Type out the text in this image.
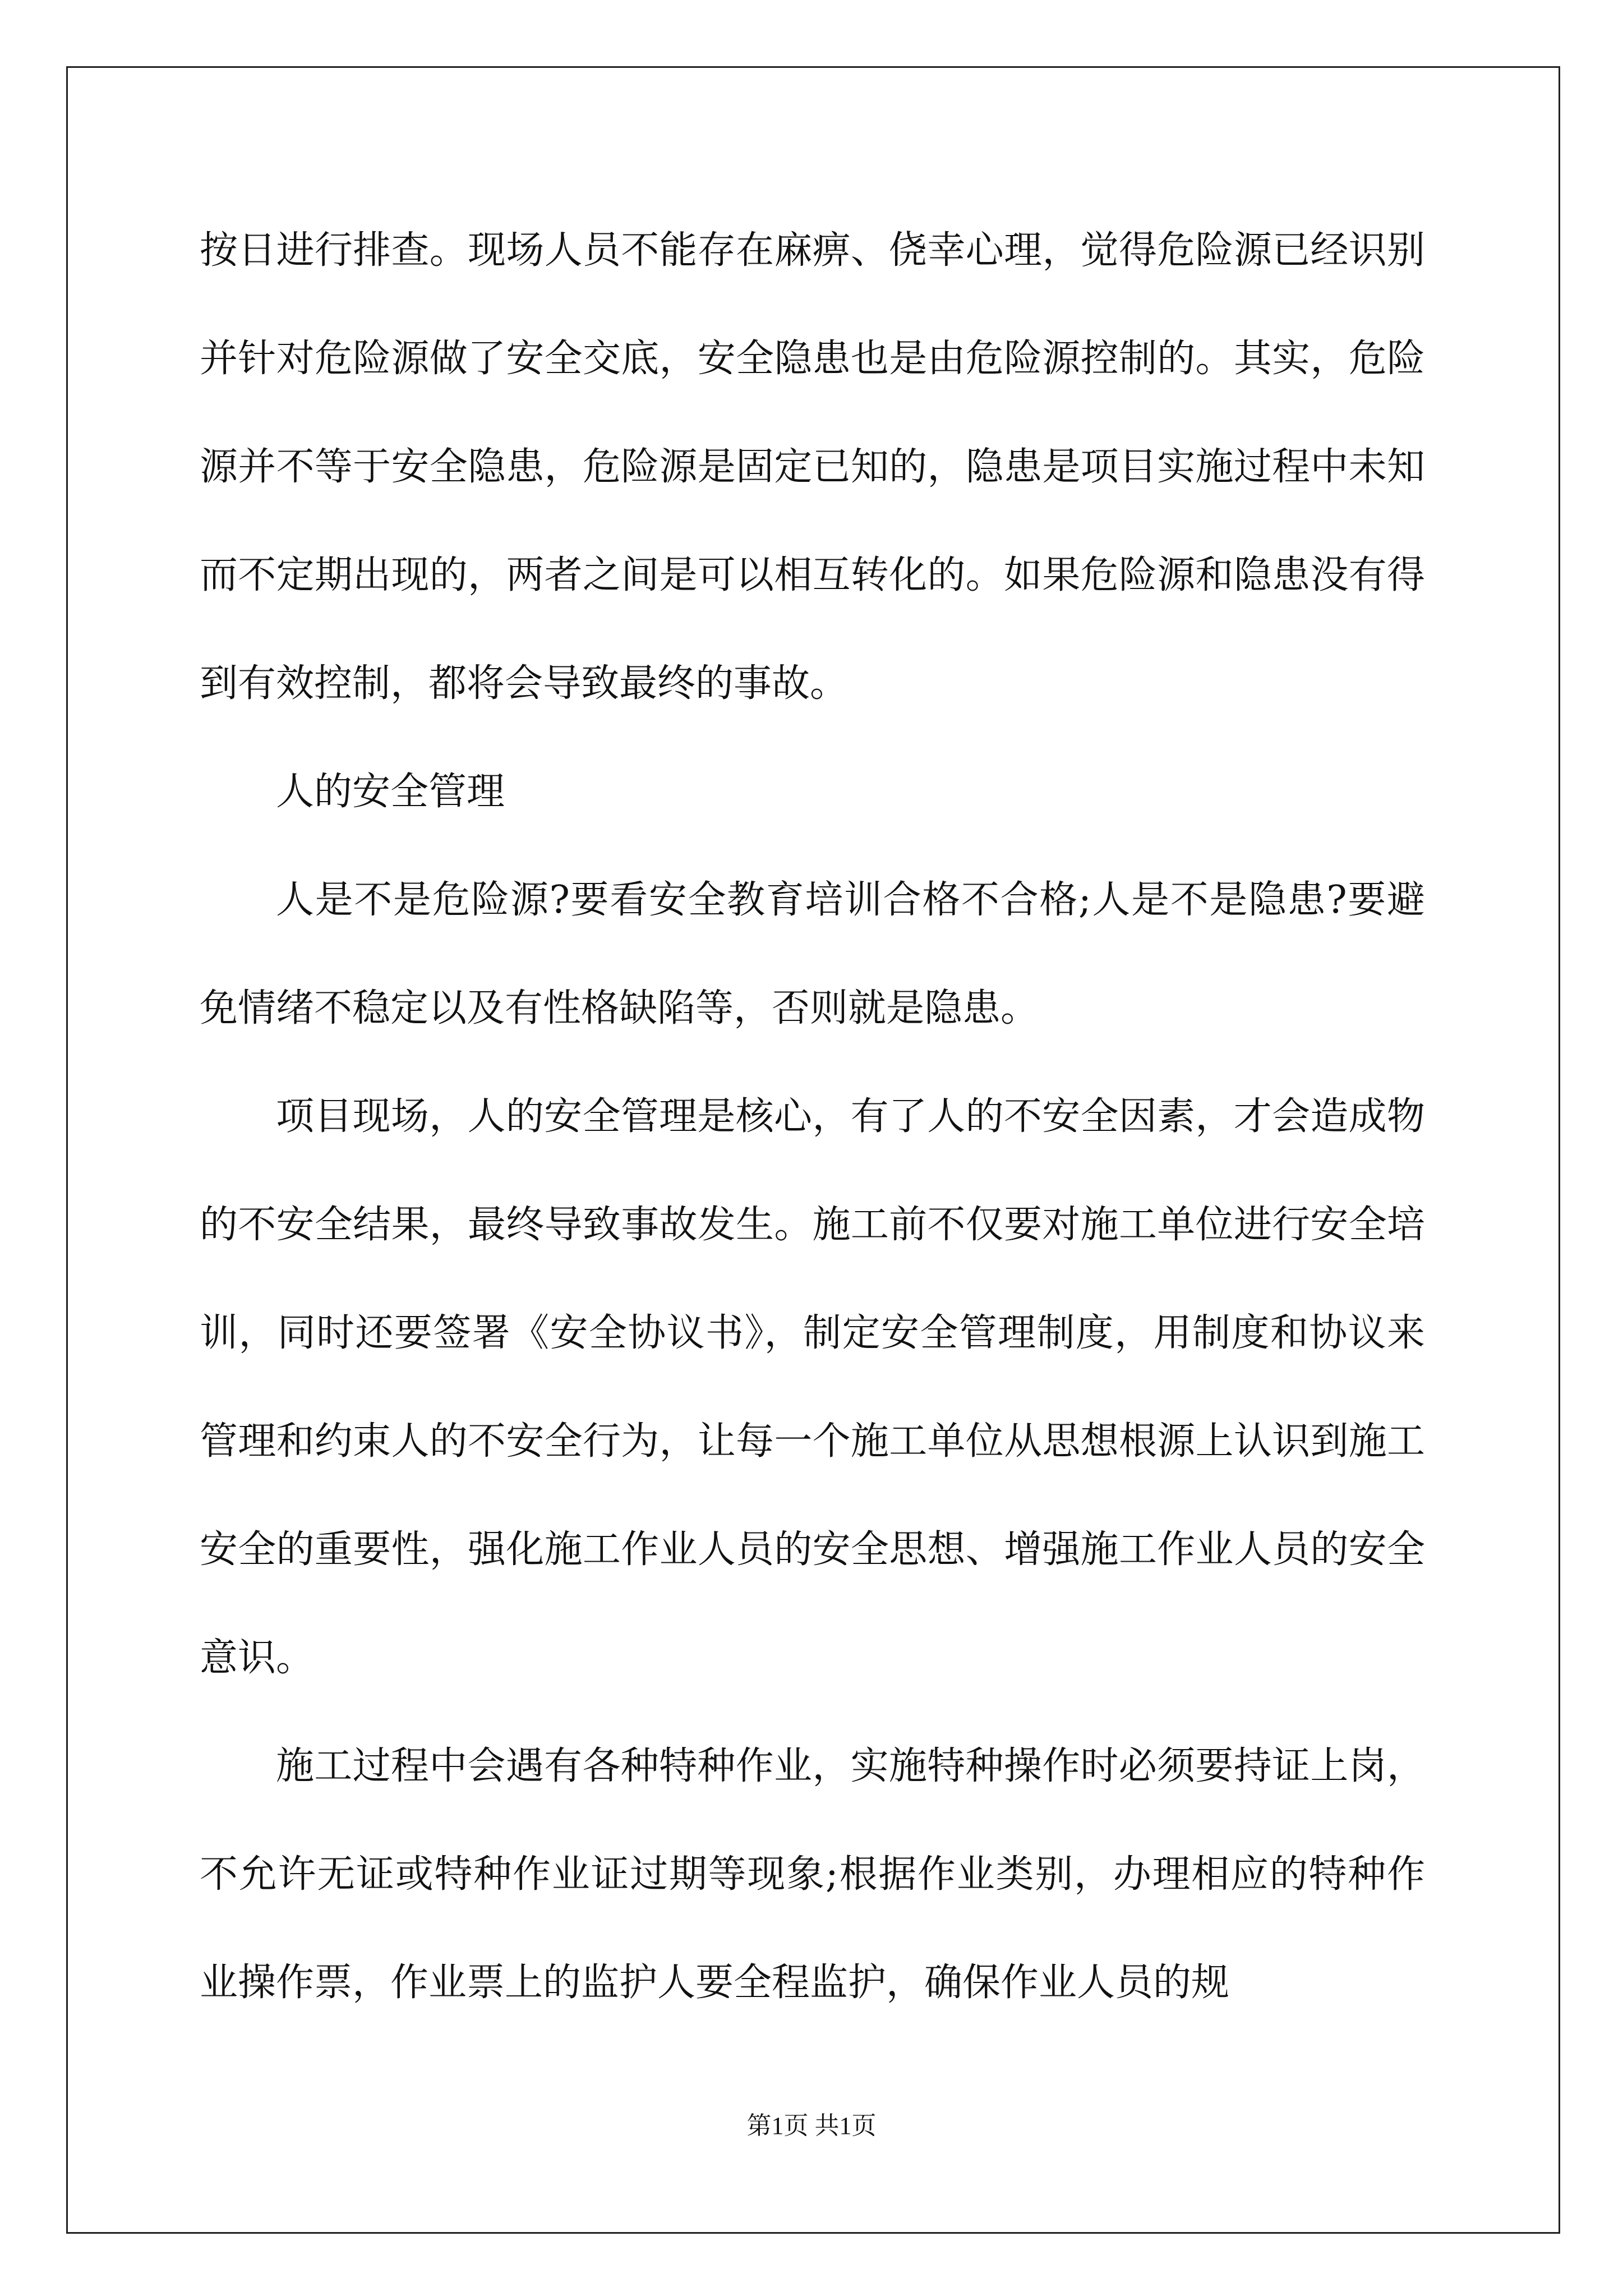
按日进行排查。现场人员不能存在麻痹、侥幸心理，觉得危险源已经识别并针对危险源做了安全交底，安全隐患也是由危险源控制的。其实，危险源并不等于安全隐患，危险源是固定已知的，隐患是项目实施过程中未知而不定期出现的，两者之间是可以相互转化的。如果危险源和隐患没有得到有效控制，都将会导致最终的事故。

人的安全管理

人是不是危险源?要看安全教育培训合格不合格;人是不是隐患?要避免情绪不稳定以及有性格缺陷等，否则就是隐患。

项目现场，人的安全管理是核心，有了人的不安全因素，才会造成物的不安全结果，最终导致事故发生。施工前不仅要对施工单位进行安全培训，同时还要签署《安全协议书》，制定安全管理制度，用制度和协议来管理和约束人的不安全行为，让每一个施工单位从思想根源上认识到施工安全的重要性，强化施工作业人员的安全思想、增强施工作业人员的安全意识。

施工过程中会遇有各种特种作业，实施特种操作时必须要持证上岗，不允许无证或特种作业证过期等现象;根据作业类别，办理相应的特种作业操作票，作业票上的监护人要全程监护，确保作业人员的规

第1页 共1页
